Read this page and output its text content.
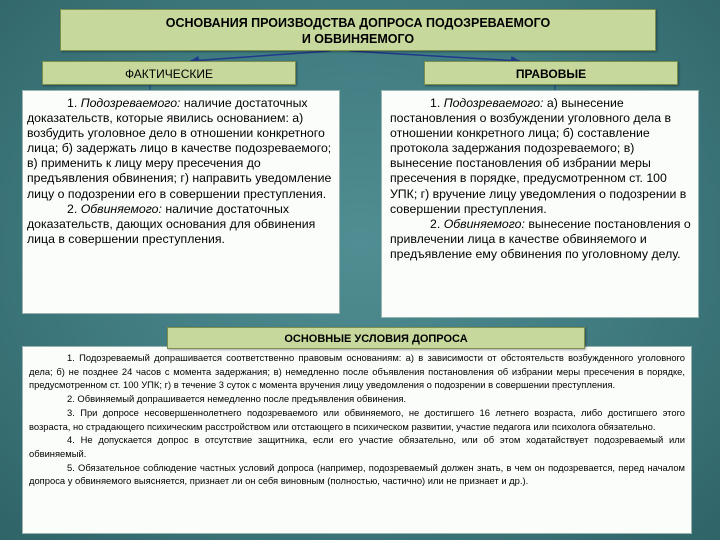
ОСНОВАНИЯ ПРОИЗВОДСТВА ДОПРОСА ПОДОЗРЕВАЕМОГО
И ОБВИНЯЕМОГО
ФАКТИЧЕСКИЕ	ПРАВОВЫЕ

1. Подозреваемого: наличие достаточных доказательств, которые явились основанием: а) возбудить уголовное дело в отношении конкретного лица; б) задержать лицо в качестве подозреваемого; в) применить к лицу меру пресечения до предъявления обвинения; г) направить уведомление лицу о подозрении его в совершении преступления.

2. Обвиняемого: наличие достаточных доказательств, дающих основания для обвинения лица в совершении преступления.

1. Подозреваемого: а) вынесение постановления о возбуждении уголовного дела в отношении конкретного лица; б) составление протокола задержания подозреваемого; в) вынесение постановления об избрании меры пресечения в порядке, предусмотренном ст. 100 УПК; г) вручение лицу уведомления о подозрении в совершении преступления.

2. Обвиняемого: вынесение постановления о привлечении лица в качестве обвиняемого и предъявление ему обвинения по уголовному делу.

1. Подозреваемый допрашивается соответственно правовым основаниям: а) в зависимости от обстоятельств возбужденного уголовного дела; б) не позднее 24 часов с момента задержания; в) немедленно после объявления постановления об избрании меры пресечения в порядке, предусмотренном ст. 100 УПК; г) в течение 3 суток с момента вручения лицу уведомления о подозрении в совершении преступления.

2. Обвиняемый допрашивается немедленно после предъявления обвинения.

3. При допросе несовершеннолетнего подозреваемого или обвиняемого, не достигшего 16 летнего возраста, либо достигшего этого возраста, но страдающего психическим расстройством или отстающего в психическом развитии, участие педагога или психолога обязательно.

4. Не допускается допрос в отсутствие защитника, если его участие обязательно, или об этом ходатайствует подозреваемый или обвиняемый.

5. Обязательное соблюдение частных условий допроса (например, подозреваемый должен знать, в чем он подозревается, перед началом допроса у обвиняемого выясняется, признает ли он себя виновным (полностью, частично) или не признает и др.).

ОСНОВНЫЕ УСЛОВИЯ ДОПРОСА
